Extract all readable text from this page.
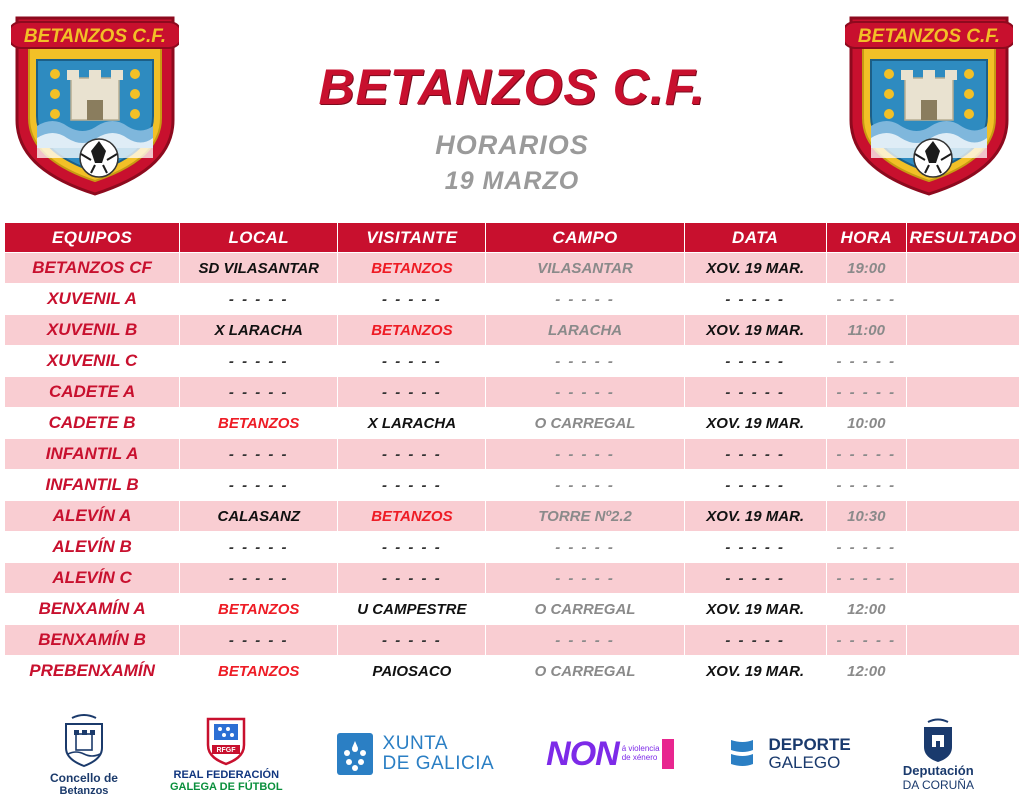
BETANZOS C.F.
BETANZOS C.F.

HORARIOS

19 MARZO

BETANZOS C.F.
EQUIPOS	LOCAL	VISITANTE	CAMPO	DATA	HORA	RESULTADO
BETANZOS CF	SD VILASANTAR	BETANZOS	VILASANTAR	XOV. 19 MAR.	19:00	
XUVENIL A	- - - - -	- - - - -	- - - - -	- - - - -	- - - - -	
XUVENIL B	X LARACHA	BETANZOS	LARACHA	XOV. 19 MAR.	11:00	
XUVENIL C	- - - - -	- - - - -	- - - - -	- - - - -	- - - - -	
CADETE A	- - - - -	- - - - -	- - - - -	- - - - -	- - - - -	
CADETE B	BETANZOS	X LARACHA	O CARREGAL	XOV. 19 MAR.	10:00	
INFANTIL A	- - - - -	- - - - -	- - - - -	- - - - -	- - - - -	
INFANTIL B	- - - - -	- - - - -	- - - - -	- - - - -	- - - - -	
ALEVÍN A	CALASANZ	BETANZOS	TORRE Nº2.2	XOV. 19 MAR.	10:30	
ALEVÍN B	- - - - -	- - - - -	- - - - -	- - - - -	- - - - -	
ALEVÍN C	- - - - -	- - - - -	- - - - -	- - - - -	- - - - -	
BENXAMÍN A	BETANZOS	U CAMPESTRE	O CARREGAL	XOV. 19 MAR.	12:00	
BENXAMÍN B	- - - - -	- - - - -	- - - - -	- - - - -	- - - - -	
PREBENXAMÍN	BETANZOS	PAIOSACO	O CARREGAL	XOV. 19 MAR.	12:00	
Concello de
Betanzos
RFGF
REAL FEDERACIÓN
GALEGA DE FÚTBOL
XUNTA
DE GALICIA NON á violencia
de xénero
DEPORTE
GALEGO	Deputación
DA CORUÑA
